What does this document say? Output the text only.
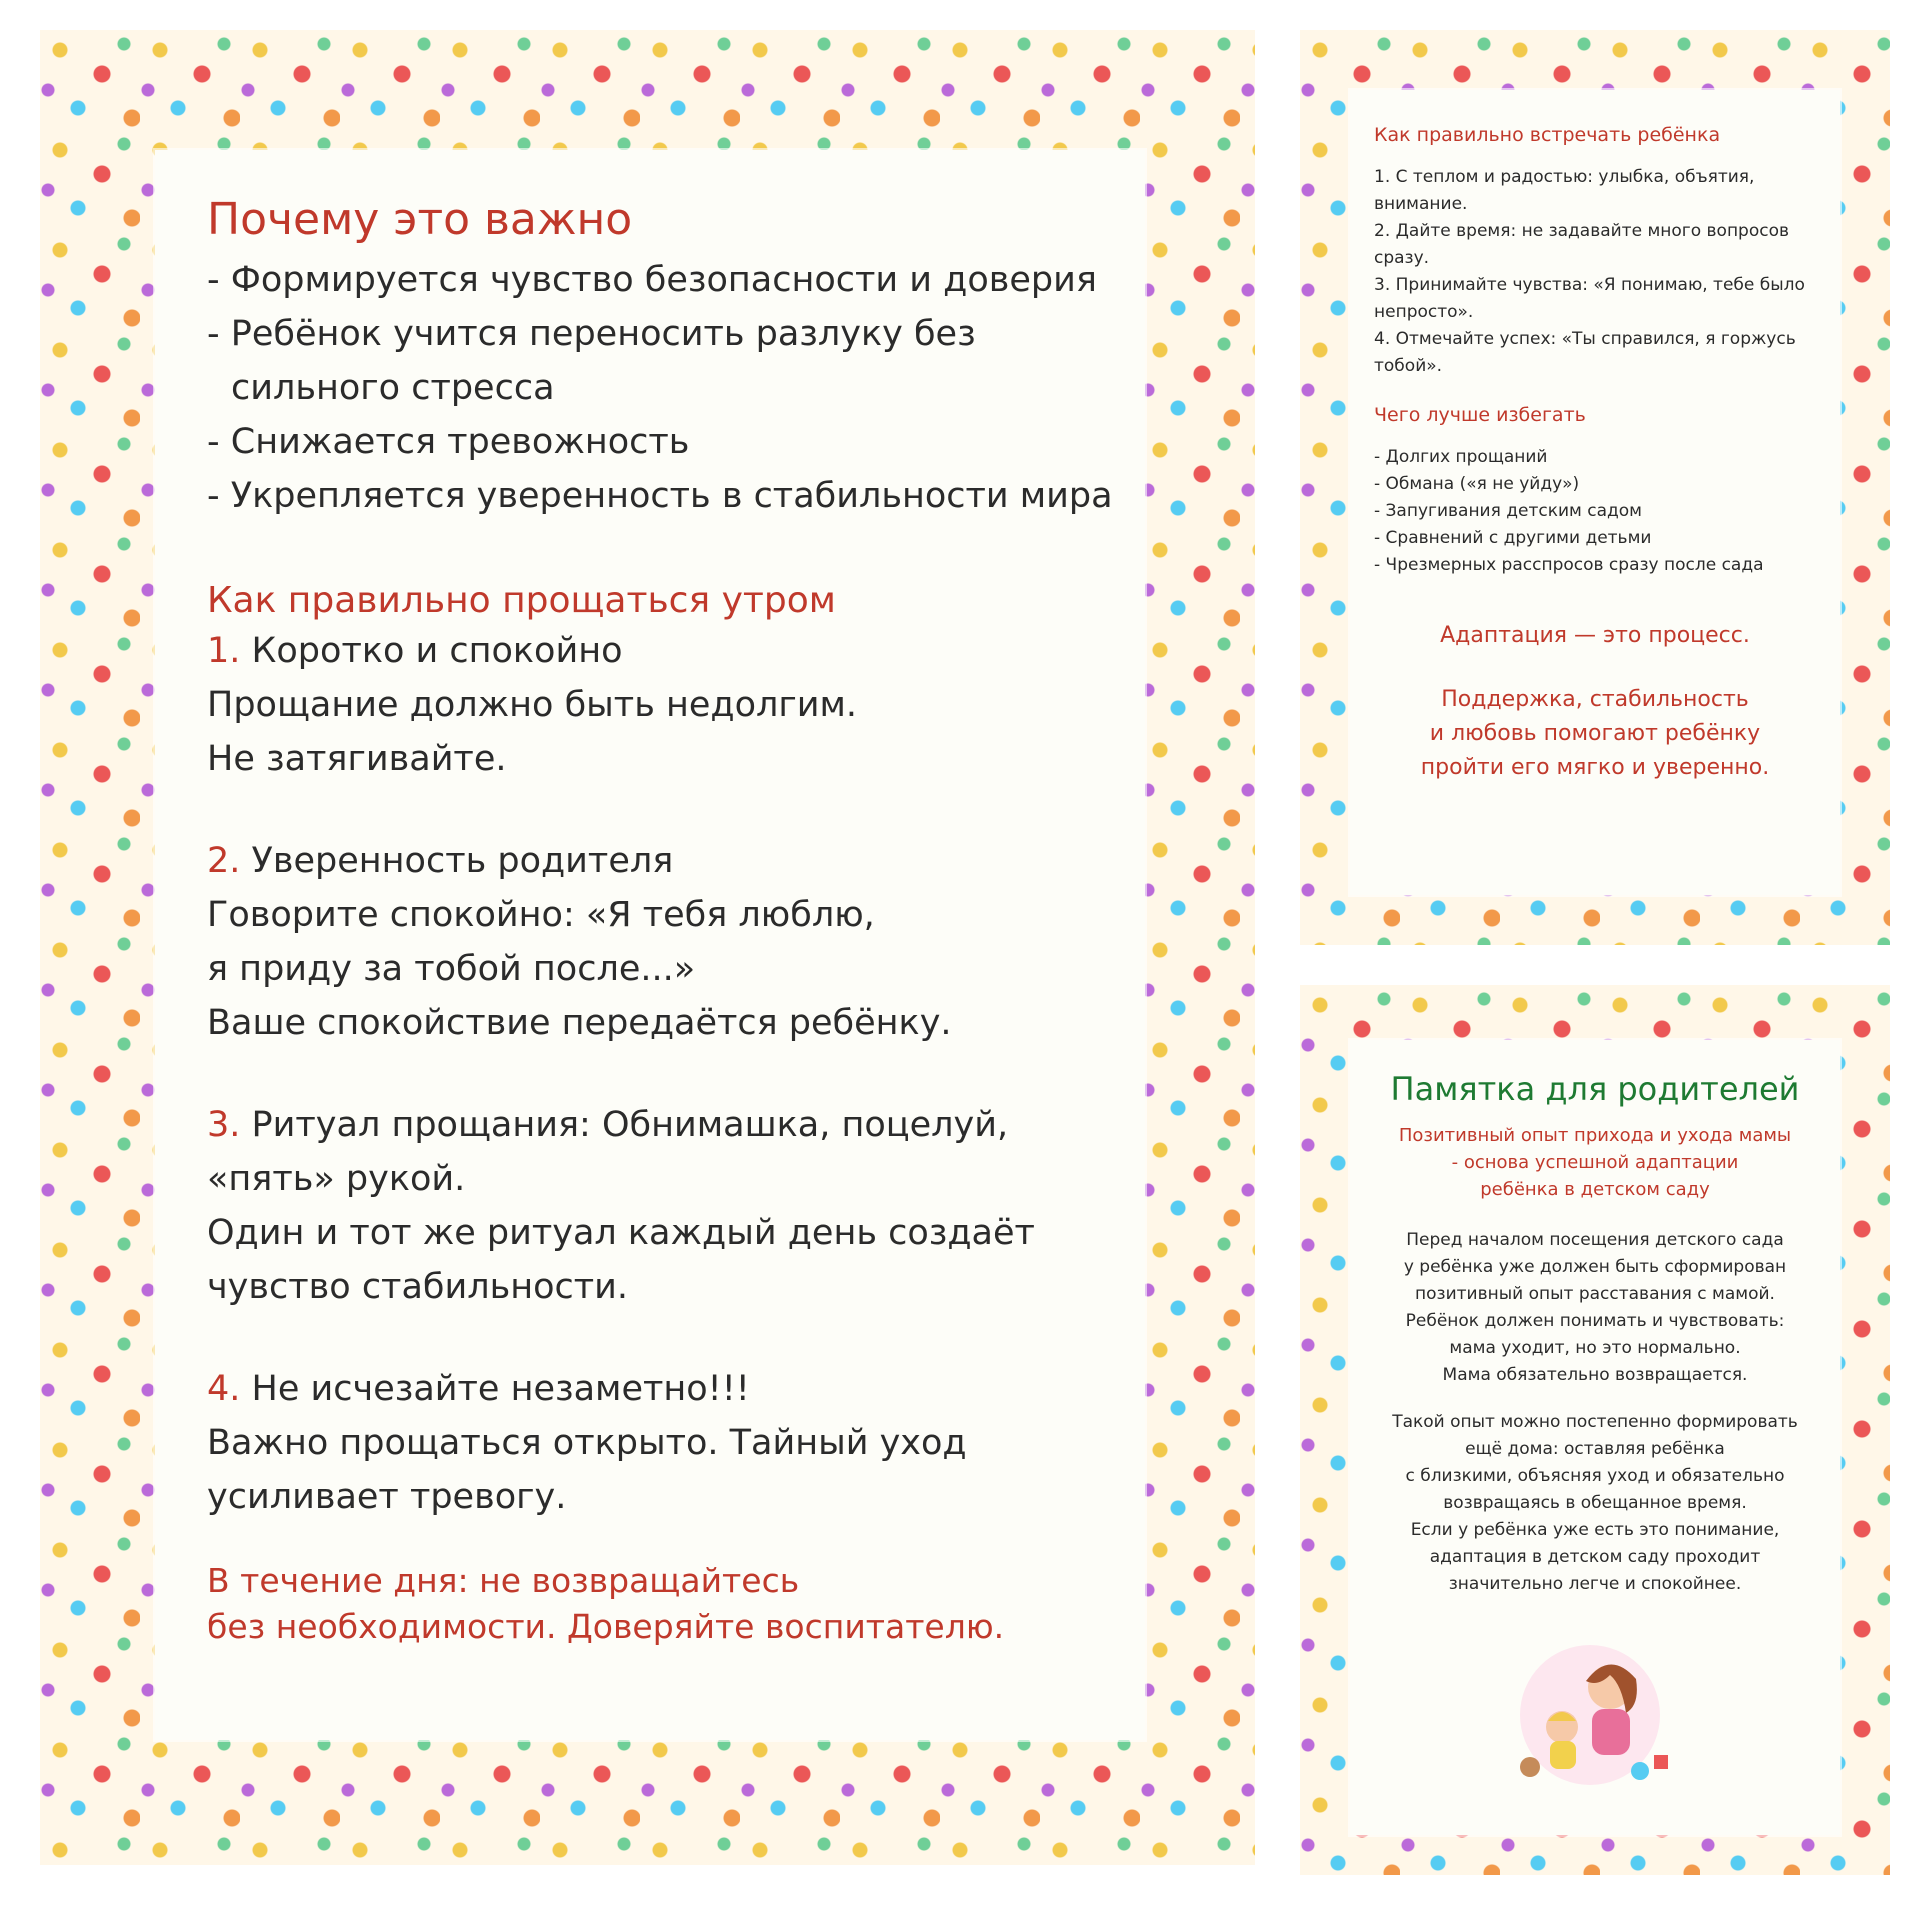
Почему это важно
- Формируется чувство безопасности и доверия
- Ребёнок учится переносить разлуку без сильного стресса
- Снижается тревожность
- Укрепляется уверенность в стабильности мира
Как правильно прощаться утром
1. Коротко и спокойно
Прощание должно быть недолгим.
Не затягивайте.
2. Уверенность родителя
Говорите спокойно: «Я тебя люблю,
я приду за тобой после...»
Ваше спокойствие передаётся ребёнку.
3. Ритуал прощания: Обнимашка, поцелуй, «пять» рукой.
Один и тот же ритуал каждый день создаёт чувство стабильности.
4. Не исчезайте незаметно!!!
Важно прощаться открыто. Тайный уход усиливает тревогу.
В течение дня: не возвращайтесь
без необходимости. Доверяйте воспитателю.
Как правильно встречать ребёнка
1. С теплом и радостью: улыбка, объятия, внимание.
2. Дайте время: не задавайте много вопросов сразу.
3. Принимайте чувства: «Я понимаю, тебе было непросто».
4. Отмечайте успех: «Ты справился, я горжусь тобой».
Чего лучше избегать
- Долгих прощаний
- Обмана («я не уйду»)
- Запугивания детским садом
- Сравнений с другими детьми
- Чрезмерных расспросов сразу после сада
Адаптация — это процесс.
Поддержка, стабильность
и любовь помогают ребёнку
пройти его мягко и уверенно.
Памятка для родителей
Позитивный опыт прихода и ухода мамы
- основа успешной адаптации
ребёнка в детском саду
Перед началом посещения детского сада
у ребёнка уже должен быть сформирован
позитивный опыт расставания с мамой.
Ребёнок должен понимать и чувствовать:
мама уходит, но это нормально.
Мама обязательно возвращается.
Такой опыт можно постепенно формировать
ещё дома: оставляя ребёнка
с близкими, объясняя уход и обязательно
возвращаясь в обещанное время.
Если у ребёнка уже есть это понимание,
адаптация в детском саду проходит
значительно легче и спокойнее.
